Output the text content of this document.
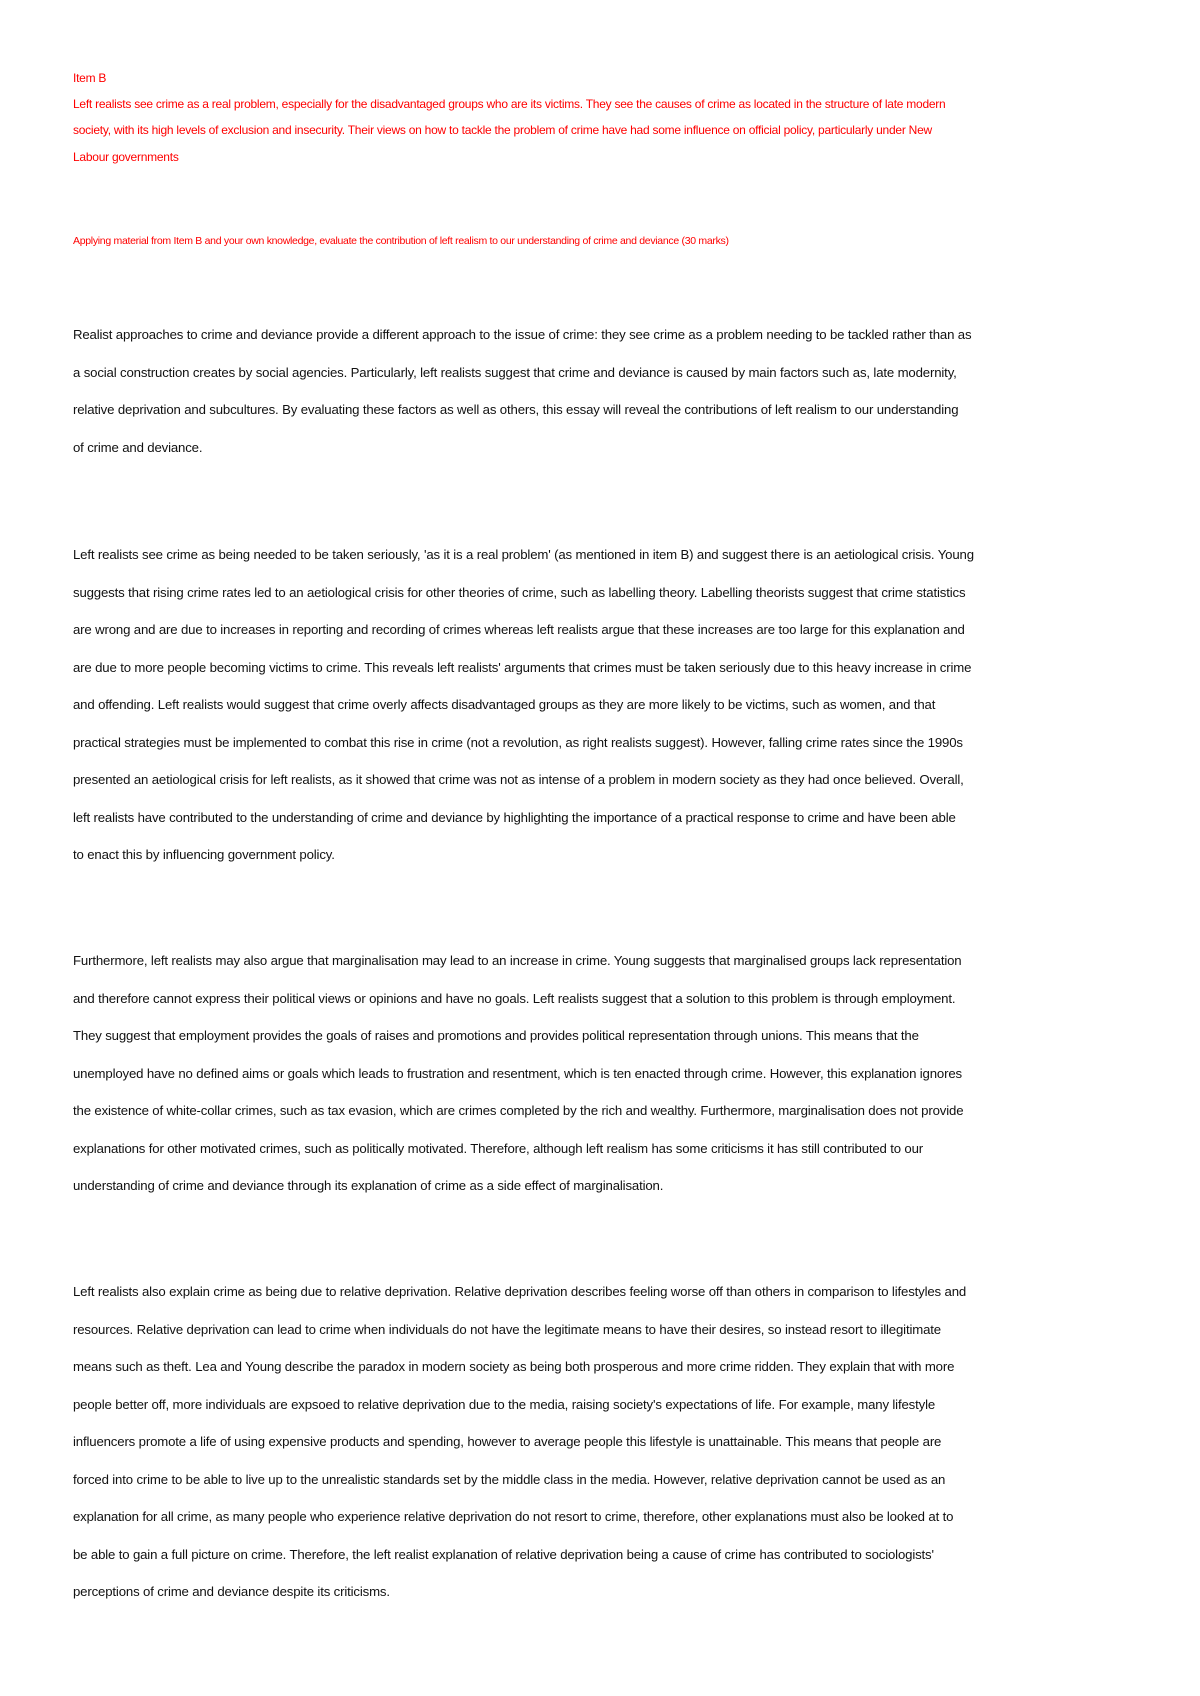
Item B
Left realists see crime as a real problem, especially for the disadvantaged groups who are its victims. They see the causes of crime as located in the structure of late modern
society, with its high levels of exclusion and insecurity. Their views on how to tackle the problem of crime have had some influence on official policy, particularly under New
Labour governments
Applying material from Item B and your own knowledge, evaluate the contribution of left realism to our understanding of crime and deviance (30 marks)
Realist approaches to crime and deviance provide a different approach to the issue of crime: they see crime as a problem needing to be tackled rather than as
a social construction creates by social agencies. Particularly, left realists suggest that crime and deviance is caused by main factors such as, late modernity,
relative deprivation and subcultures. By evaluating these factors as well as others, this essay will reveal the contributions of left realism to our understanding
of crime and deviance.
Left realists see crime as being needed to be taken seriously, 'as it is a real problem' (as mentioned in item B) and suggest there is an aetiological crisis. Young
suggests that rising crime rates led to an aetiological crisis for other theories of crime, such as labelling theory. Labelling theorists suggest that crime statistics
are wrong and are due to increases in reporting and recording of crimes whereas left realists argue that these increases are too large for this explanation and
are due to more people becoming victims to crime. This reveals left realists' arguments that crimes must be taken seriously due to this heavy increase in crime
and offending. Left realists would suggest that crime overly affects disadvantaged groups as they are more likely to be victims, such as women, and that
practical strategies must be implemented to combat this rise in crime (not a revolution, as right realists suggest). However, falling crime rates since the 1990s
presented an aetiological crisis for left realists, as it showed that crime was not as intense of a problem in modern society as they had once believed. Overall,
left realists have contributed to the understanding of crime and deviance by highlighting the importance of a practical response to crime and have been able
to enact this by influencing government policy.
Furthermore, left realists may also argue that marginalisation may lead to an increase in crime. Young suggests that marginalised groups lack representation
and therefore cannot express their political views or opinions and have no goals. Left realists suggest that a solution to this problem is through employment.
They suggest that employment provides the goals of raises and promotions and provides political representation through unions. This means that the
unemployed have no defined aims or goals which leads to frustration and resentment, which is ten enacted through crime. However, this explanation ignores
the existence of white-collar crimes, such as tax evasion, which are crimes completed by the rich and wealthy. Furthermore, marginalisation does not provide
explanations for other motivated crimes, such as politically motivated. Therefore, although left realism has some criticisms it has still contributed to our
understanding of crime and deviance through its explanation of crime as a side effect of marginalisation.
Left realists also explain crime as being due to relative deprivation. Relative deprivation describes feeling worse off than others in comparison to lifestyles and
resources. Relative deprivation can lead to crime when individuals do not have the legitimate means to have their desires, so instead resort to illegitimate
means such as theft. Lea and Young describe the paradox in modern society as being both prosperous and more crime ridden. They explain that with more
people better off, more individuals are expsoed to relative deprivation due to the media, raising society's expectations of life. For example, many lifestyle
influencers promote a life of using expensive products and spending, however to average people this lifestyle is unattainable. This means that people are
forced into crime to be able to live up to the unrealistic standards set by the middle class in the media. However, relative deprivation cannot be used as an
explanation for all crime, as many people who experience relative deprivation do not resort to crime, therefore, other explanations must also be looked at to
be able to gain a full picture on crime. Therefore, the left realist explanation of relative deprivation being a cause of crime has contributed to sociologists'
perceptions of crime and deviance despite its criticisms.
